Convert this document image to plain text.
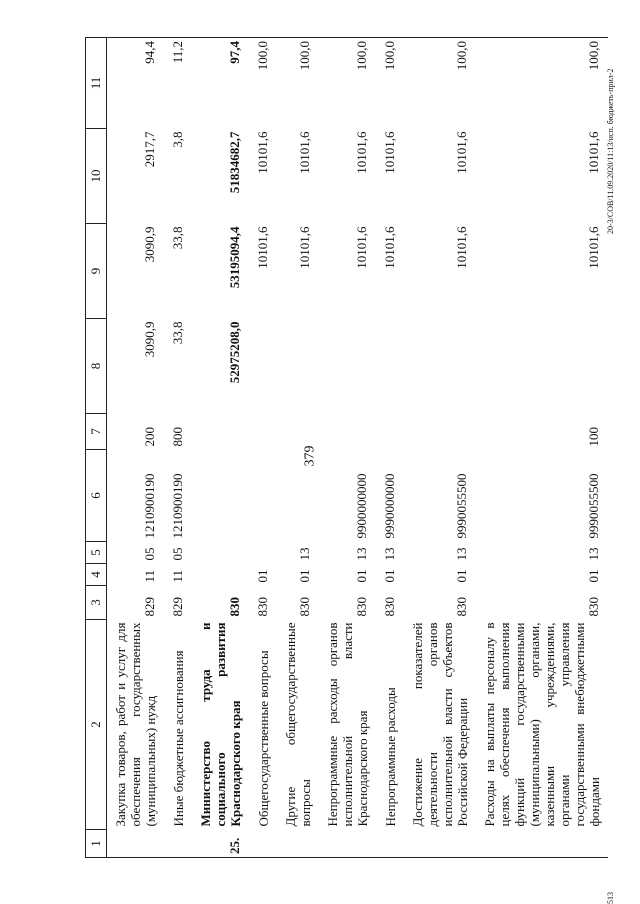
379
20-3/СОВ/11.09.2020/11:13/исп. бюджеть-прил-2
513
1	2	3	4	5	6	7	8	9	10	11
	Закупка товаров, работ и услуг для обеспечения государственных (муниципальных) нужд	829	11	05	1210900190	200	3090,9	3090,9	2917,7	94,4
	Иные бюджетные ассигнования	829	11	05	1210900190	800	33,8	33,8	3,8	11,2
25.	Министерство труда и социального развития Краснодарского края	830					52975208,0	53195094,4	51834682,7	97,4
	Общегосударственные вопросы	830	01					10101,6	10101,6	100,0
	Другие общегосударственные вопросы	830	01	13				10101,6	10101,6	100,0
	Непрограммные расходы органов исполнительной власти Краснодарского края	830	01	13	9900000000			10101,6	10101,6	100,0
	Непрограммные расходы	830	01	13	9990000000			10101,6	10101,6	100,0
	Достижение показателей деятельности органов исполнительной власти субъектов Российской Федерации	830	01	13	9990055500			10101,6	10101,6	100,0
	Расходы на выплаты персоналу в целях обеспечения выполнения функций государственными (муниципальными) органами, казенными учреждениями, органами управления государственными внебюджетными фондами	830	01	13	9990055500	100		10101,6	10101,6	100,0
